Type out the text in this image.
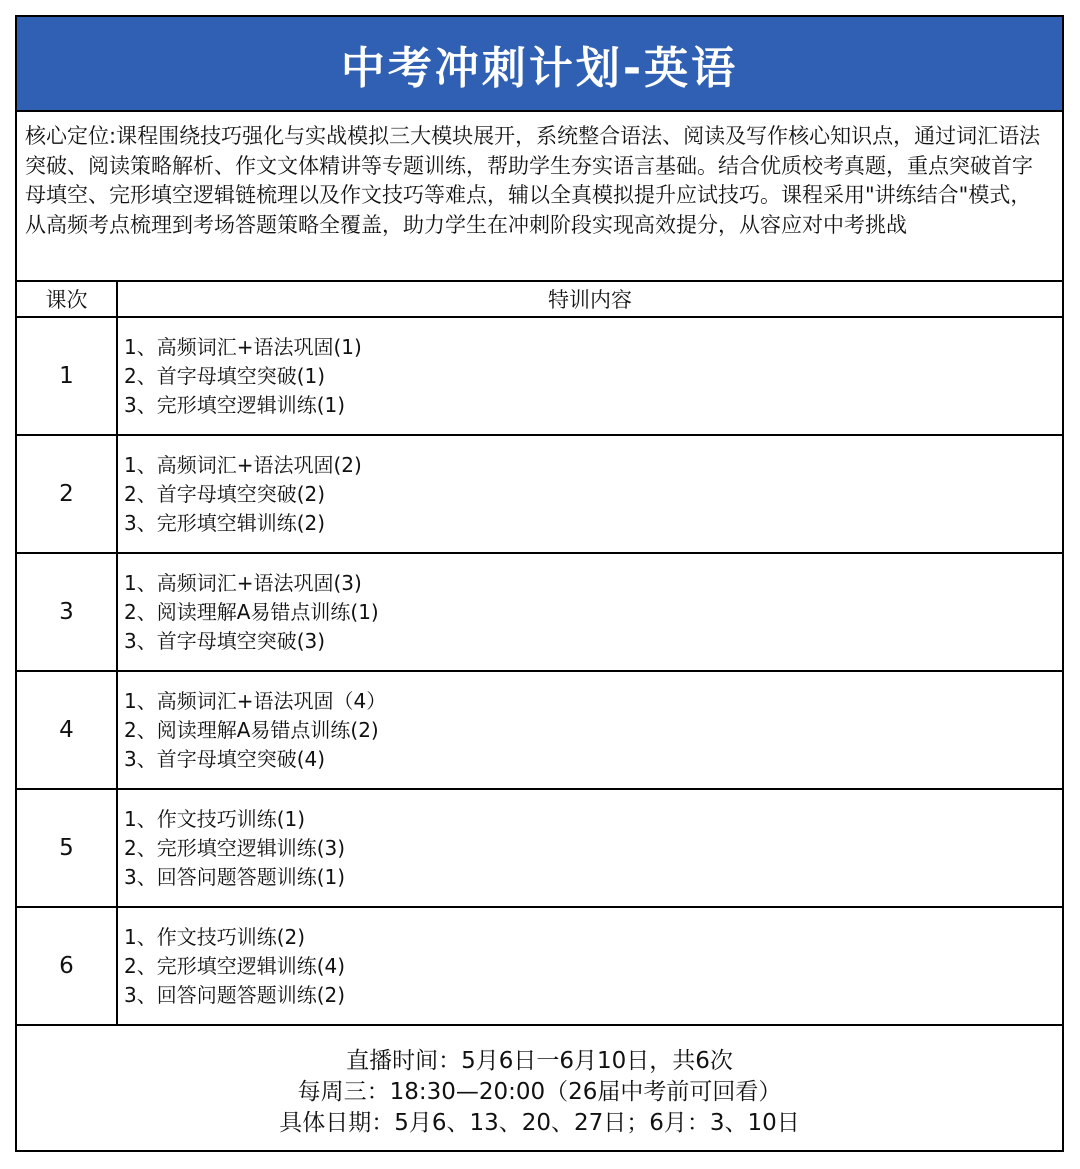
中考冲刺计划-英语
核心定位:课程围绕技巧强化与实战模拟三大模块展开，系统整合语法、阅读及写作核心知识点，通过词汇语法突破、阅读策略解析、作文文体精讲等专题训练，帮助学生夯实语言基础。结合优质校考真题，重点突破首字母填空、完形填空逻辑链梳理以及作文技巧等难点，辅以全真模拟提升应试技巧。课程采用"讲练结合"模式，从高频考点梳理到考场答题策略全覆盖，助力学生在冲刺阶段实现高效提分，从容应对中考挑战
课次	特训内容
1	1、高频词汇+语法巩固(1)
2、首字母填空突破(1)
3、完形填空逻辑训练(1)

2	1、高频词汇+语法巩固(2)
2、首字母填空突破(2)
3、完形填空辑训练(2)

3	1、高频词汇+语法巩固(3)
2、阅读理解A易错点训练(1)
3、首字母填空突破(3)

4	1、高频词汇+语法巩固（4）
2、阅读理解A易错点训练(2)
3、首字母填空突破(4)

5	1、作文技巧训练(1)
2、完形填空逻辑训练(3)
3、回答问题答题训练(1)

6	1、作文技巧训练(2)
2、完形填空逻辑训练(4)
3、回答问题答题训练(2)
直播时间：5月6日一6月10日，共6次
每周三：18:30—20:00（26届中考前可回看）
具体日期：5月6、13、20、27日；6月：3、10日
